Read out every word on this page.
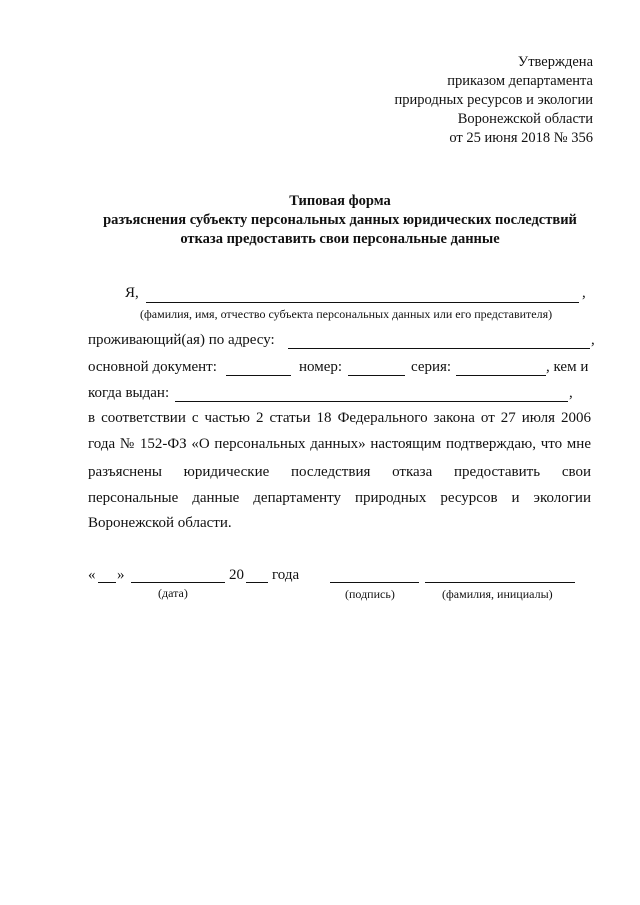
Утверждена
приказом департамента
природных ресурсов и экологии
Воронежской области
от 25 июня 2018 № 356
Типовая форма
разъяснения субъекту персональных данных юридических последствий
отказа предоставить свои персональные данные
Я,	,
(фамилия, имя, отчество субъекта персональных данных или его представителя)
проживающий(ая) по адресу:	,
основной документ:	номер:	серия:	, кем и
когда выдан:	,
в соответствии с частью 2 статьи 18 Федерального закона от 27 июля 2006
года № 152-ФЗ «О персональных данных» настоящим подтверждаю, что мне
разъяснены юридические последствия отказа предоставить свои
персональные данные департаменту природных ресурсов и экологии
Воронежской области.
« »	20 года
(дата)	(подпись)	(фамилия, инициалы)
